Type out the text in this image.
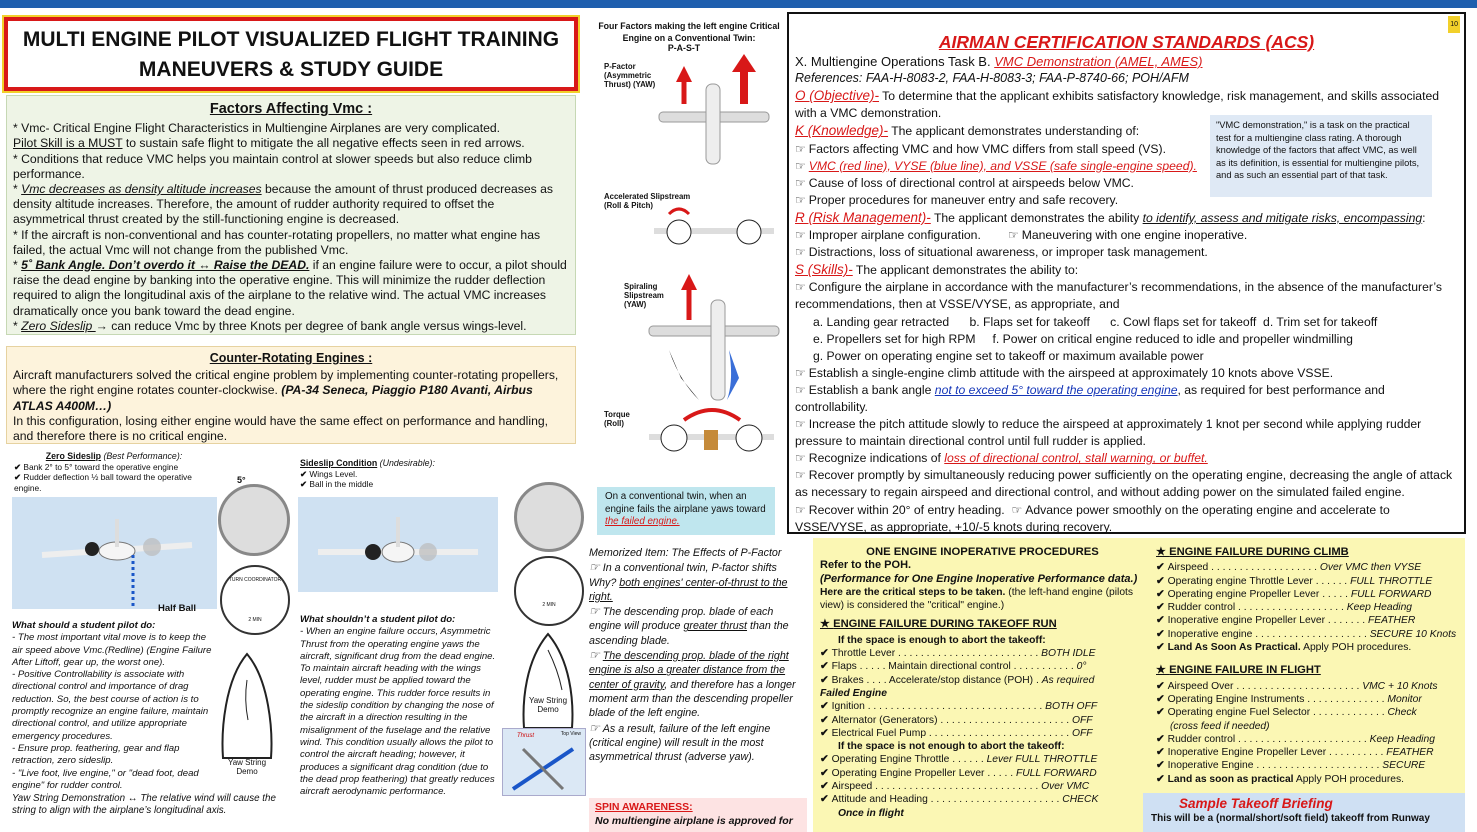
MULTI ENGINE PILOT VISUALIZED FLIGHT TRAINING
MANEUVERS & STUDY GUIDE
Factors Affecting Vmc :
* Vmc- Critical Engine Flight Characteristics in Multiengine Airplanes are very complicated.
Pilot Skill is a MUST to sustain safe flight to mitigate the all negative effects seen in red arrows.
* Conditions that reduce VMC helps you maintain control at slower speeds but also reduce climb performance.
* Vmc decreases as density altitude increases because the amount of thrust produced decreases as density altitude increases. Therefore, the amount of rudder authority required to offset the asymmetrical thrust created by the still-functioning engine is decreased.
* If the aircraft is non-conventional and has counter-rotating propellers, no matter what engine has failed, the actual Vmc will not change from the published Vmc.
* 5˚ Bank Angle. Don’t overdo it ↔ Raise the DEAD. if an engine failure were to occur, a pilot should raise the dead engine by banking into the operative engine. This will minimize the rudder deflection required to align the longitudinal axis of the airplane to the relative wind. The actual VMC increases dramatically once you bank toward the dead engine.
* Zero Sideslip → can reduce Vmc by three Knots per degree of bank angle versus wings-level.
Counter-Rotating Engines :
Aircraft manufacturers solved the critical engine problem by implementing counter-rotating propellers, where the right engine rotates counter-clockwise. (PA-34 Seneca, Piaggio P180 Avanti, Airbus ATLAS A400M…)
In this configuration, losing either engine would have the same effect on performance and handling, and therefore there is no critical engine.
Zero Sideslip (Best Performance):
✔ Bank 2° to 5° toward the operative engine
✔ Rudder deflection ½ ball toward the operative engine.
Half Ball
5°
TURN COORDINATOR
2 MIN
Yaw String Demo
What should a student pilot do:
- The most important vital move is to keep the air speed above Vmc.(Redline) (Engine Failure After Liftoff, gear up, the worst one).
- Positive Controllability is associate with directional control and importance of drag reduction. So, the best course of action is to promptly recognize an engine failure, maintain directional control, and utilize appropriate emergency procedures.
- Ensure prop. feathering, gear and flap retraction, zero sideslip.
- "Live foot, live engine," or "dead foot, dead engine" for rudder control.
Yaw String Demonstration ↔ The relative wind will cause the string to align with the airplane’s longitudinal axis.
Sideslip Condition (Undesirable):
✔ Wings Level.
✔ Ball in the middle
2 MIN
Yaw String Demo
Thrust	Top View
What shouldn’t a student pilot do:
- When an engine failure occurs, Asymmetric Thrust from the operating engine yaws the aircraft, significant drug from the dead engine. To maintain aircraft heading with the wings level, rudder must be applied toward the operating engine. This rudder force results in the sideslip condition by changing the nose of the aircraft in a direction resulting in the misalignment of the fuselage and the relative wind. This condition usually allows the pilot to control the aircraft heading; however, it produces a significant drag condition (due to the dead prop feathering) that greatly reduces aircraft aerodynamic performance.
Four Factors making the left engine Critical Engine on a Conventional Twin:
P-A-S-T
P-Factor (Asymmetric Thrust) (YAW)
Accelerated Slipstream (Roll & Pitch)
Spiraling Slipstream (YAW)
Torque (Roll)
On a conventional twin, when an engine fails the airplane yaws toward the failed engine.
10
AIRMAN CERTIFICATION STANDARDS (ACS)
X. Multiengine Operations Task B. VMC Demonstration (AMEL, AMES)
References: FAA-H-8083-2, FAA-H-8083-3; FAA-P-8740-66; POH/AFM
O (Objective)- To determine that the applicant exhibits satisfactory knowledge, risk management, and skills associated with a VMC demonstration.
K (Knowledge)- The applicant demonstrates understanding of:
☞ Factors affecting VMC and how VMC differs from stall speed (VS).
☞ VMC (red line), VYSE (blue line), and VSSE (safe single-engine speed).
☞ Cause of loss of directional control at airspeeds below VMC.
☞ Proper procedures for maneuver entry and safe recovery.
R (Risk Management)- The applicant demonstrates the ability to identify, assess and mitigate risks, encompassing:
☞ Improper airplane configuration. ☞ Maneuvering with one engine inoperative.
☞ Distractions, loss of situational awareness, or improper task management.
S (Skills)- The applicant demonstrates the ability to:
☞ Configure the airplane in accordance with the manufacturer’s recommendations, in the absence of the manufacturer’s recommendations, then at VSSE/VYSE, as appropriate, and
a. Landing gear retracted      b. Flaps set for takeoff      c. Cowl flaps set for takeoff  d. Trim set for takeoff
e. Propellers set for high RPM     f. Power on critical engine reduced to idle and propeller windmilling
g. Power on operating engine set to takeoff or maximum available power
☞ Establish a single-engine climb attitude with the airspeed at approximately 10 knots above VSSE.
☞ Establish a bank angle not to exceed 5° toward the operating engine, as required for best performance and controllability.
☞ Increase the pitch attitude slowly to reduce the airspeed at approximately 1 knot per second while applying rudder pressure to maintain directional control until full rudder is applied.
☞ Recognize indications of loss of directional control, stall warning, or buffet.
☞ Recover promptly by simultaneously reducing power sufficiently on the operating engine, decreasing the angle of attack as necessary to regain airspeed and directional control, and without adding power on the simulated failed engine.
☞ Recover within 20° of entry heading. ☞ Advance power smoothly on the operating engine and accelerate to VSSE/VYSE, as appropriate, +10/-5 knots during recovery.
"VMC demonstration," is a task on the practical test for a multiengine class rating. A thorough knowledge of the factors that affect VMC, as well as its definition, is essential for multiengine pilots, and as such an essential part of that task.
Memorized Item: The Effects of P-Factor
☞ In a conventional twin, P-factor shifts Why? both engines' center-of-thrust to the right.
☞ The descending prop. blade of each engine will produce greater thrust than the ascending blade.
☞ The descending prop. blade of the right engine is also a greater distance from the center of gravity, and therefore has a longer moment arm than the descending propeller blade of the left engine.
☞ As a result, failure of the left engine (critical engine) will result in the most asymmetrical thrust (adverse yaw).
SPIN AWARENESS:
No multiengine airplane is approved for
ONE ENGINE INOPERATIVE PROCEDURES
Refer to the POH.
(Performance for One Engine Inoperative Performance data.)
Here are the critical steps to be taken. (the left-hand engine (pilots view) is considered the "critical" engine.)
★ ENGINE FAILURE DURING TAKEOFF RUN
If the space is enough to abort the takeoff:
✔ Throttle Lever . . . . . . . . . . . . . . . . . . . . . . . . . BOTH IDLE
✔ Flaps . . . . . Maintain directional control . . . . . . . . . . . 0°
✔ Brakes . . . . Accelerate/stop distance (POH) . As required
Failed Engine
✔ Ignition . . . . . . . . . . . . . . . . . . . . . . . . . . . . . . . BOTH OFF
✔ Alternator (Generators) . . . . . . . . . . . . . . . . . . . . . . . OFF
✔ Electrical Fuel Pump . . . . . . . . . . . . . . . . . . . . . . . . . OFF
If the space is not enough to abort the takeoff:
✔ Operating Engine Throttle . . . . . . Lever FULL THROTTLE
✔ Operating Engine Propeller Lever . . . . . FULL FORWARD
✔ Airspeed . . . . . . . . . . . . . . . . . . . . . . . . . . . . . Over VMC
✔ Attitude and Heading . . . . . . . . . . . . . . . . . . . . . . . CHECK
Once in flight
★ ENGINE FAILURE DURING CLIMB
✔ Airspeed . . . . . . . . . . . . . . . . . . . Over VMC then VYSE
✔ Operating engine Throttle Lever . . . . . . FULL THROTTLE
✔ Operating engine Propeller Lever . . . . . FULL FORWARD
✔ Rudder control . . . . . . . . . . . . . . . . . . . Keep Heading
✔ Inoperative engine Propeller Lever . . . . . . . FEATHER
✔ Inoperative engine . . . . . . . . . . . . . . . . . . . . SECURE 10 Knots
✔ Land As Soon As Practical. Apply POH procedures.
★ ENGINE FAILURE IN FLIGHT
✔ Airspeed Over . . . . . . . . . . . . . . . . . . . . . . VMC + 10 Knots
✔ Operating Engine Instruments . . . . . . . . . . . . . . Monitor
✔ Operating engine Fuel Selector . . . . . . . . . . . . . Check
(cross feed if needed)
✔ Rudder control . . . . . . . . . . . . . . . . . . . . . . . Keep Heading
✔ Inoperative Engine Propeller Lever . . . . . . . . . . FEATHER
✔ Inoperative Engine . . . . . . . . . . . . . . . . . . . . . . SECURE
✔ Land as soon as practical Apply POH procedures.
Sample Takeoff Briefing
This will be a (normal/short/soft field) takeoff from Runway
